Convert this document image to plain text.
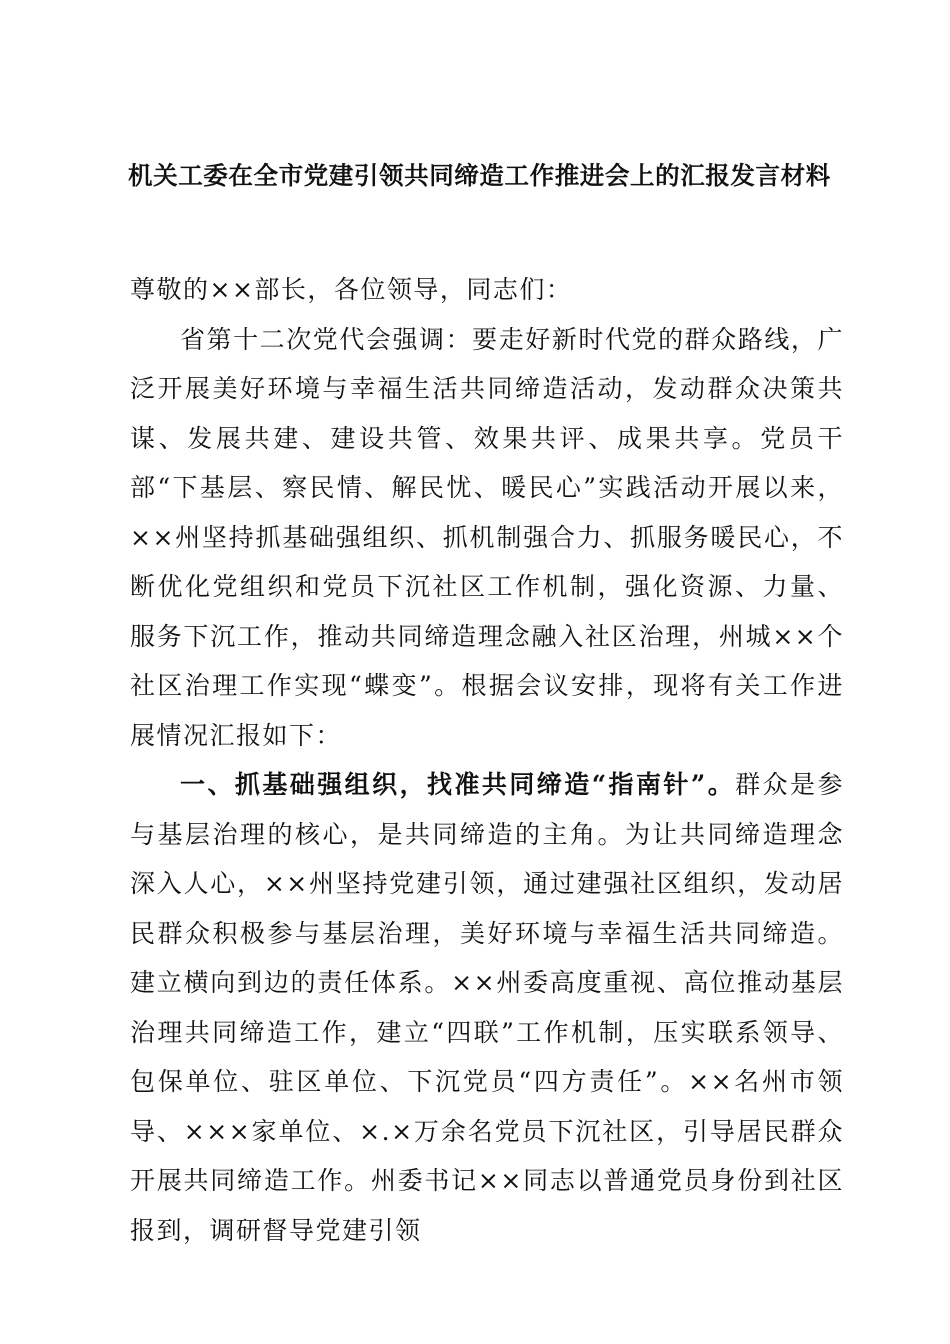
机关工委在全市党建引领共同缔造工作推进会上的汇报发言材料

尊敬的××部长，各位领导，同志们：

省第十二次党代会强调：要走好新时代党的群众路线，广泛开展美好环境与幸福生活共同缔造活动，发动群众决策共谋、发展共建、建设共管、效果共评、成果共享。党员干部“下基层、察民情、解民忧、暖民心”实践活动开展以来，××州坚持抓基础强组织、抓机制强合力、抓服务暖民心，不断优化党组织和党员下沉社区工作机制，强化资源、力量、服务下沉工作，推动共同缔造理念融入社区治理，州城××个社区治理工作实现“蝶变”。根据会议安排，现将有关工作进展情况汇报如下：

一、抓基础强组织，找准共同缔造“指南针”。群众是参与基层治理的核心，是共同缔造的主角。为让共同缔造理念深入人心，××州坚持党建引领，通过建强社区组织，发动居民群众积极参与基层治理，美好环境与幸福生活共同缔造。建立横向到边的责任体系。××州委高度重视、高位推动基层治理共同缔造工作，建立“四联”工作机制，压实联系领导、包保单位、驻区单位、下沉党员“四方责任”。××名州市领导、×××家单位、×.×万余名党员下沉社区，引导居民群众开展共同缔造工作。州委书记××同志以普通党员身份到社区报到，调研督导党建引领
